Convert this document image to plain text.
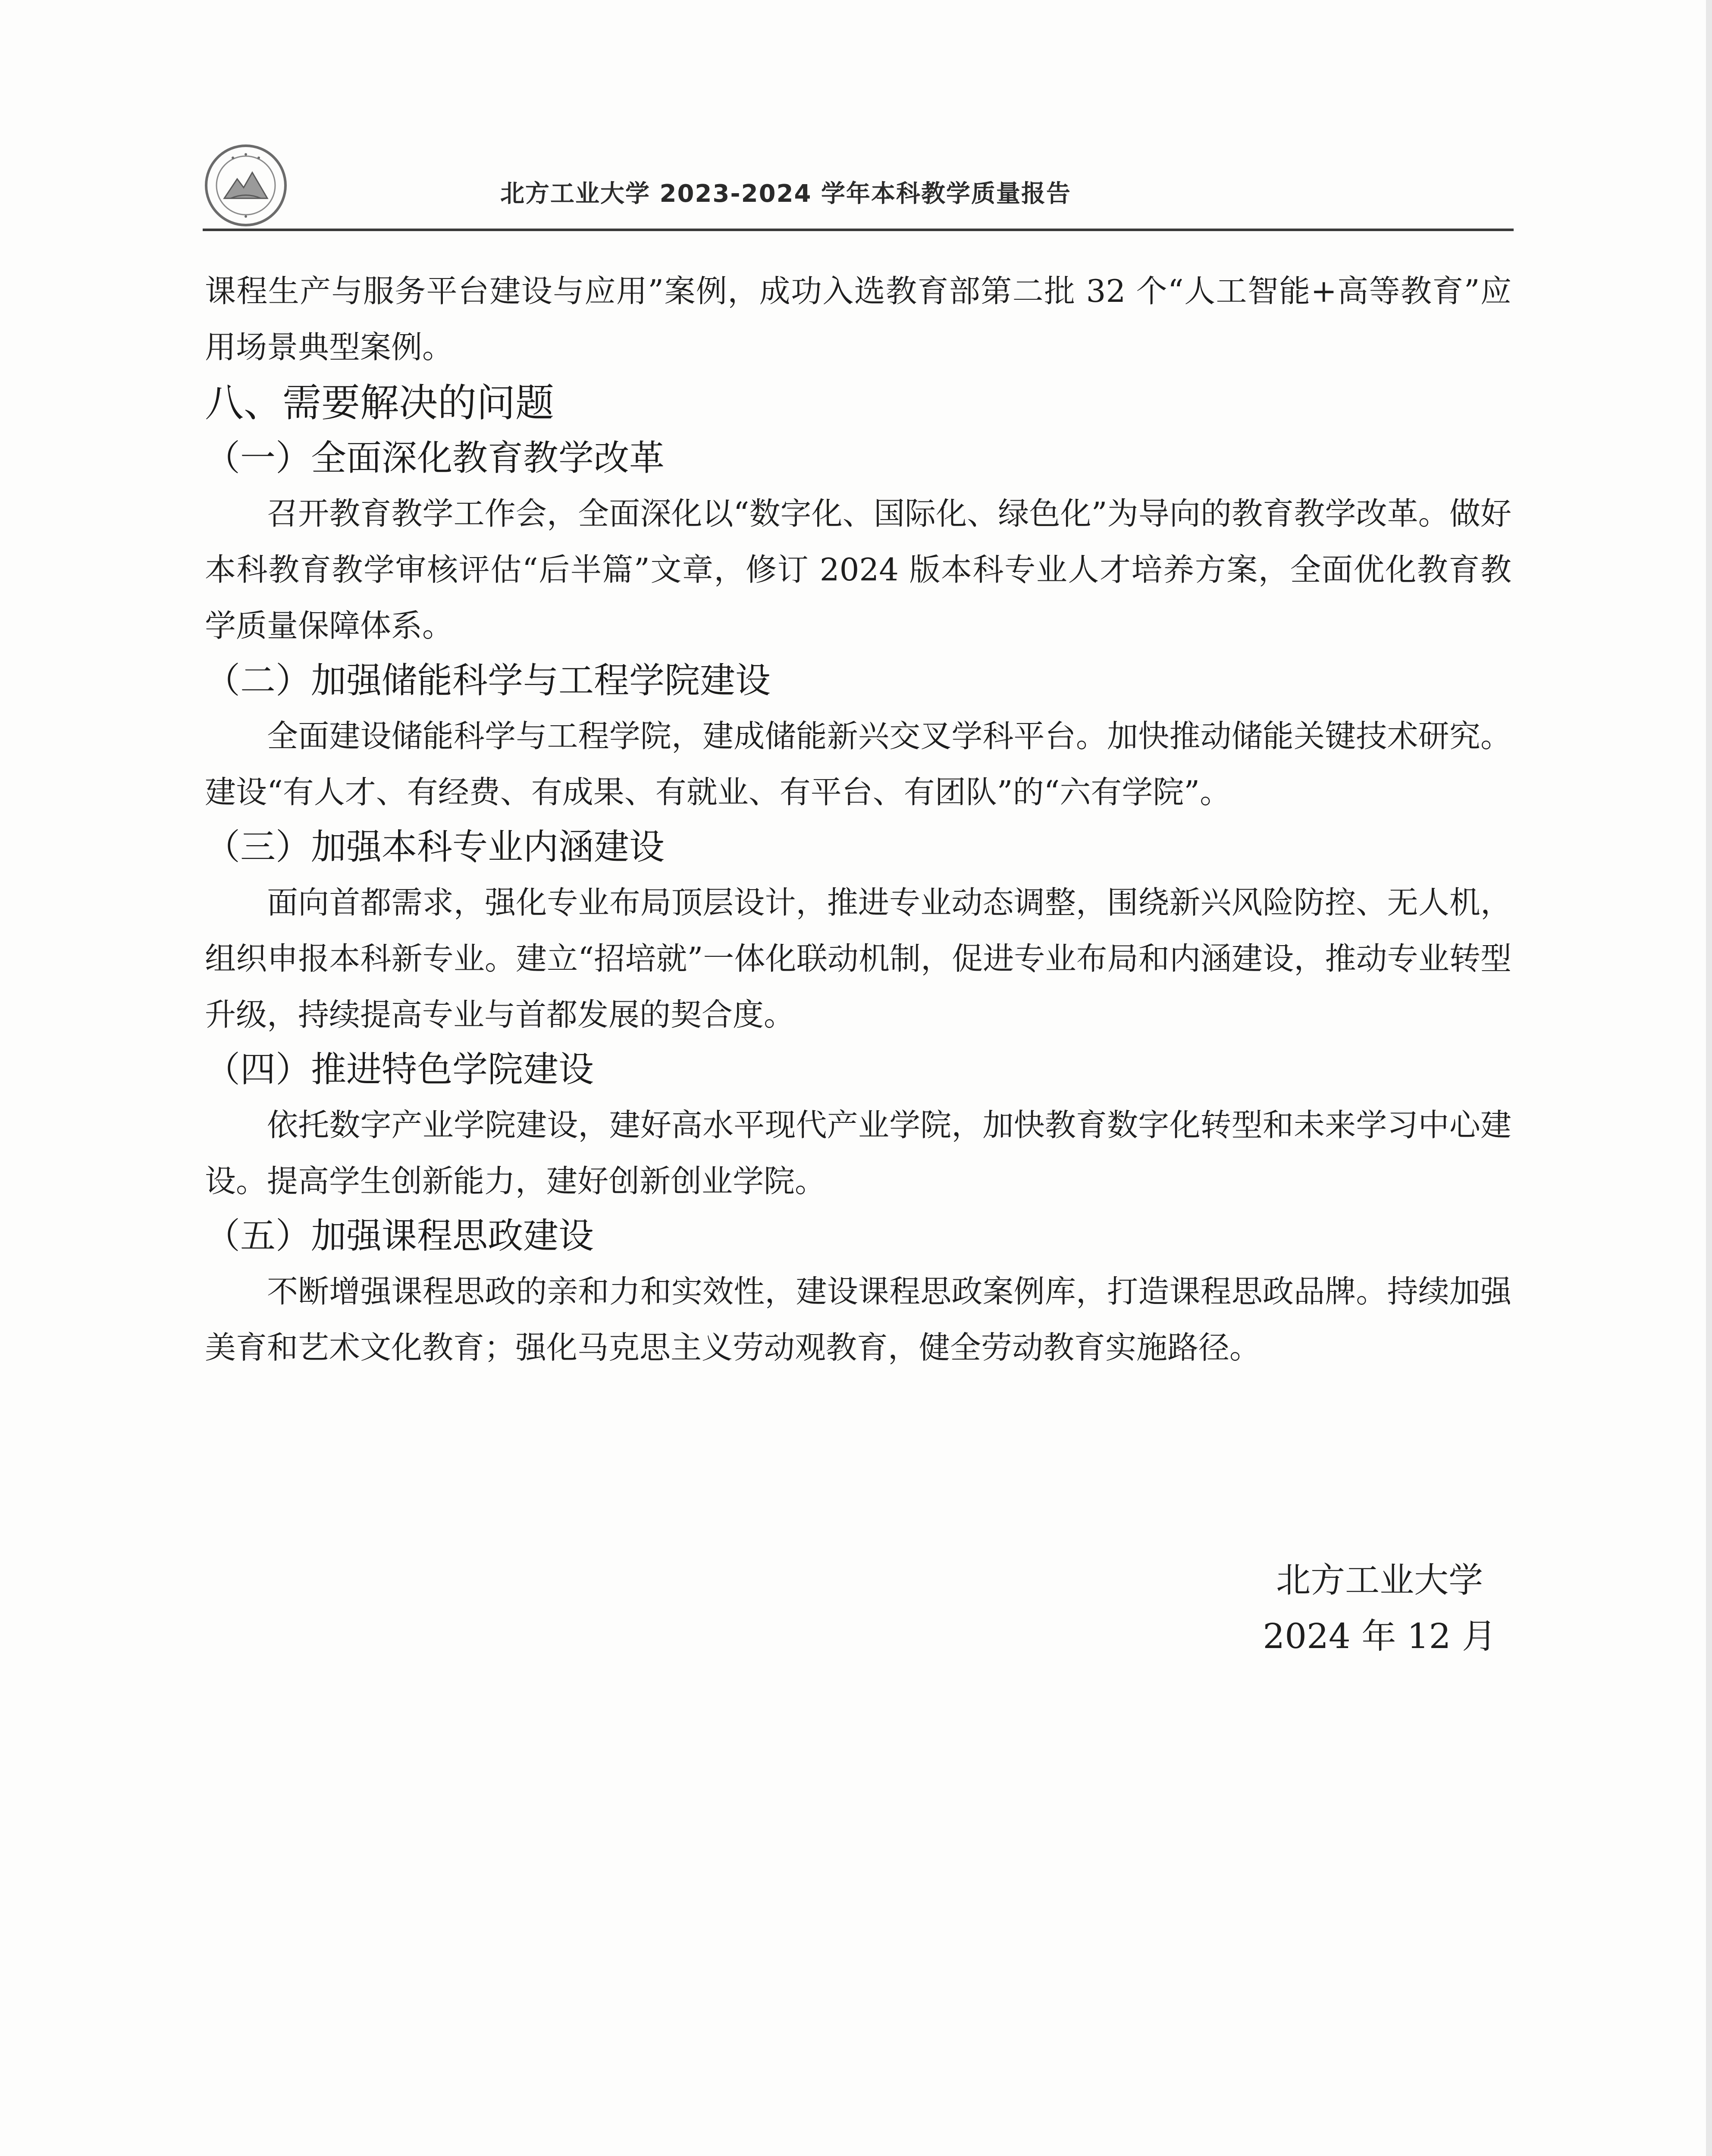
北方工业大学 2023-2024 学年本科教学质量报告

课程生产与服务平台建设与应用”案例，成功入选教育部第二批 32 个“人工智能+高等教育”应用场景典型案例。

八、需要解决的问题

（一）全面深化教育教学改革

召开教育教学工作会，全面深化以“数字化、国际化、绿色化”为导向的教育教学改革。做好本科教育教学审核评估“后半篇”文章，修订 2024 版本科专业人才培养方案，全面优化教育教学质量保障体系。

（二）加强储能科学与工程学院建设

全面建设储能科学与工程学院，建成储能新兴交叉学科平台。加快推动储能关键技术研究。建设“有人才、有经费、有成果、有就业、有平台、有团队”的“六有学院”。

（三）加强本科专业内涵建设

面向首都需求，强化专业布局顶层设计，推进专业动态调整，围绕新兴风险防控、无人机，组织申报本科新专业。建立“招培就”一体化联动机制，促进专业布局和内涵建设，推动专业转型升级，持续提高专业与首都发展的契合度。

（四）推进特色学院建设

依托数字产业学院建设，建好高水平现代产业学院，加快教育数字化转型和未来学习中心建设。提高学生创新能力，建好创新创业学院。

（五）加强课程思政建设

不断增强课程思政的亲和力和实效性，建设课程思政案例库，打造课程思政品牌。持续加强美育和艺术文化教育；强化马克思主义劳动观教育，健全劳动教育实施路径。

北方工业大学
2024 年 12 月
